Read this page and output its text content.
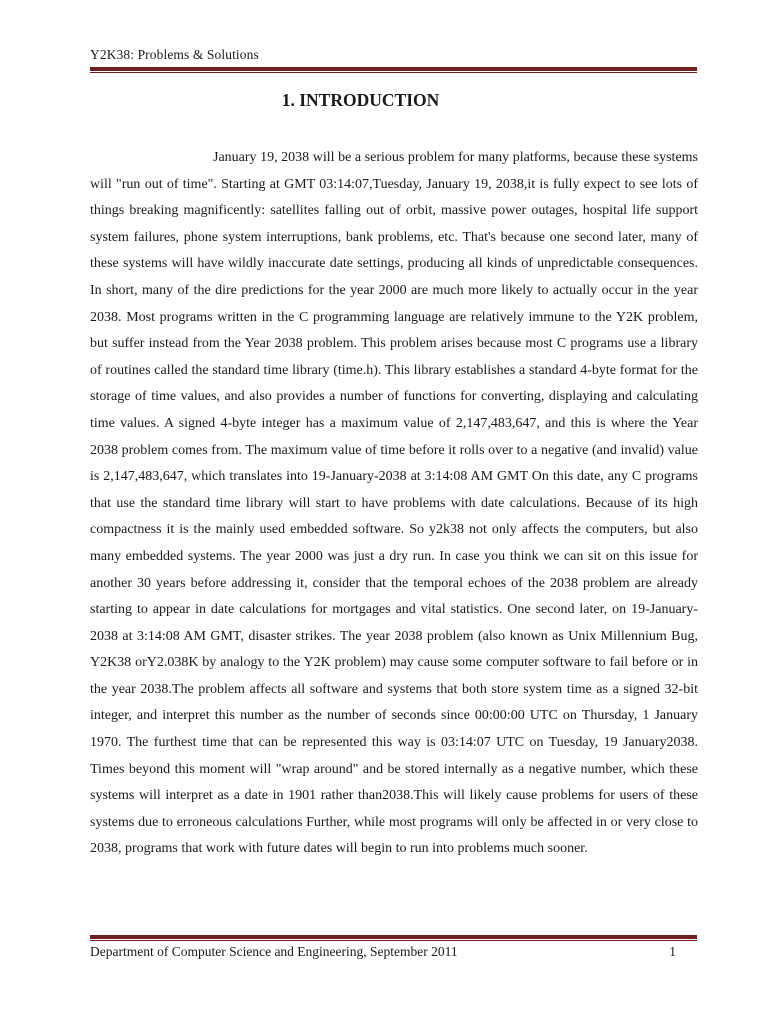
Y2K38: Problems & Solutions
1. INTRODUCTION

January 19, 2038 will be a serious problem for many platforms, because these systems will "run out of time". Starting at GMT 03:14:07,Tuesday, January 19, 2038,it is fully expect to see lots of things breaking magnificently: satellites falling out of orbit, massive power outages, hospital life support system failures, phone system interruptions, bank problems, etc. That's because one second later, many of these systems will have wildly inaccurate date settings, producing all kinds of unpredictable consequences. In short, many of the dire predictions for the year 2000 are much more likely to actually occur in the year 2038. Most programs written in the C programming language are relatively immune to the Y2K problem, but suffer instead from the Year 2038 problem. This problem arises because most C programs use a library of routines called the standard time library (time.h). This library establishes a standard 4-byte format for the storage of time values, and also provides a number of functions for converting, displaying and calculating time values. A signed 4-byte integer has a maximum value of 2,147,483,647, and this is where the Year 2038 problem comes from. The maximum value of time before it rolls over to a negative (and invalid) value is 2,147,483,647, which translates into 19-January-2038 at 3:14:08 AM GMT On this date, any C programs that use the standard time library will start to have problems with date calculations. Because of its high compactness it is the mainly used embedded software. So y2k38 not only affects the computers, but also many embedded systems. The year 2000 was just a dry run. In case you think we can sit on this issue for another 30 years before addressing it, consider that the temporal echoes of the 2038 problem are already starting to appear in date calculations for mortgages and vital statistics. One second later, on 19-January-2038 at 3:14:08 AM GMT, disaster strikes. The year 2038 problem (also known as Unix Millennium Bug, Y2K38 orY2.038K by analogy to the Y2K problem) may cause some computer software to fail before or in the year 2038.The problem affects all software and systems that both store system time as a signed 32-bit integer, and interpret this number as the number of seconds since 00:00:00 UTC on Thursday, 1 January 1970. The furthest time that can be represented this way is 03:14:07 UTC on Tuesday, 19 January2038. Times beyond this moment will "wrap around" and be stored internally as a negative number, which these systems will interpret as a date in 1901 rather than2038.This will likely cause problems for users of these systems due to erroneous calculations Further, while most programs will only be affected in or very close to 2038, programs that work with future dates will begin to run into problems much sooner.

Department of Computer Science and Engineering, September 2011	1
